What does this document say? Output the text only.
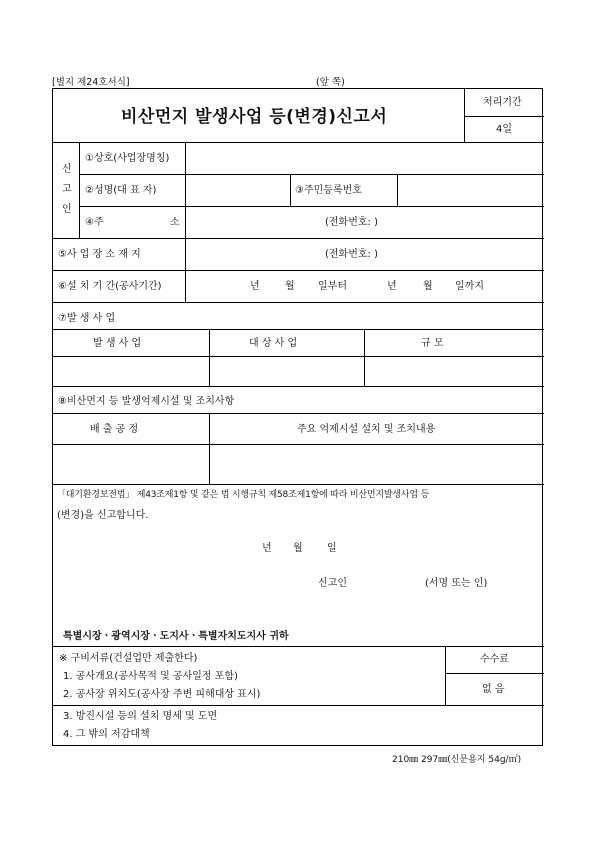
[별지 제24호서식]	(앞 쪽)
비산먼지 발생사업 등(변경)신고서
처리기간
4일
신
고
인
①상호(사업장명칭)
②성명(대 표 자)	③주민등록번호
④주	소	(전화번호: )
⑤사 업 장 소 재 지	(전화번호: )
⑥설 치 기 간(공사기간)	년	월 일부터	년	월 일까지
⑦발 생 사 업
발 생 사 업	대 상 사 업	규 모
⑧비산먼지 등 발생억제시설 및 조치사항
배 출 공 정	주요 억제시설 설치 및 조치내용
「대기환경보전법」 제43조제1항 및 같은 법 시행규칙 제58조제1항에 따라 비산먼지발생사업 등
(변경)을 신고합니다.
년 월 일
신고인	(서명 또는 인)
특별시장ㆍ광역시장ㆍ도지사ㆍ특별자치도지사 귀하
※ 구비서류(건설업만 제출한다)
1. 공사개요(공사목적 및 공사일정 포함)
2. 공사장 위치도(공사장 주변 피해대상 표시)
3. 방진시설 등의 설치 명세 및 도면
4. 그 밖의 저감대책
수수료
없 음
210㎜ 297㎜(신문용지 54g/㎡)
